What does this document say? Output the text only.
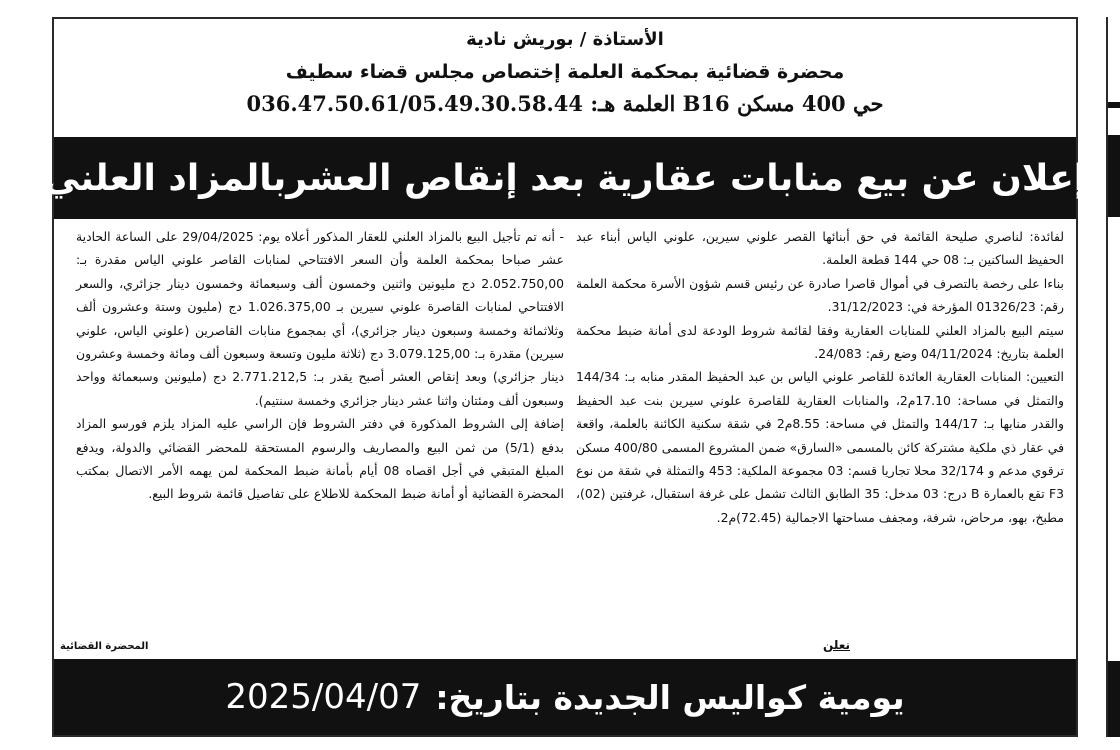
الأستاذة / بوريش نادية
محضرة قضائية بمحكمة العلمة إختصاص مجلس قضاء سطيف
حي 400 مسكن B16 العلمة هـ: 036.47.50.61/05.49.30.58.44
إعلان عن بيع منابات عقارية بعد إنقاص العشر
بالمزاد العلني

لفائدة: لناصري صليحة القائمة في حق أبنائها القصر علوني سيرين، علوني الياس أبناء عبد الحفيظ الساكنين بـ: 08 حي 144 قطعة العلمة.

بناءا على رخصة بالتصرف في أموال قاصرا صادرة عن رئيس قسم شؤون الأسرة محكمة العلمة رقم: 01326/23 المؤرخة في: 31/12/2023.

سيتم البيع بالمزاد العلني للمنابات العقارية وفقا لقائمة شروط الودعة لدى أمانة ضبط محكمة العلمة بتاريخ: 04/11/2024 وضع رقم: 24/083.

التعيين: المنابات العقارية العائدة للقاصر علوني الياس بن عبد الحفيظ المقدر منابه بـ: 144/34 والتمثل في مساحة: 17.10م2، والمنابات العقارية للقاصرة علوني سيرين بنت عبد الحفيظ والقدر منابها بـ: 144/17 والتمثل في مساحة: 8.55م2 في شقة سكنية الكائنة بالعلمة، واقعة في عقار ذي ملكية مشتركة كائن بالمسمى «السارق» ضمن المشروع المسمى 400/80 مسكن ترقوي مدعم و 32/174 محلا تجاريا قسم: 03 مجموعة الملكية: 453 والتمثلة في شقة من نوع F3 تقع بالعمارة B درج: 03 مدخل: 35 الطابق الثالث تشمل على غرفة استقبال، غرفتين (02)، مطبخ، بهو، مرحاض، شرفة، ومجفف مساحتها الاجمالية (72.45)م2.

- أنه تم تأجيل البيع بالمزاد العلني للعقار المذكور أعلاه يوم: 29/04/2025 على الساعة الحادية عشر صباحا بمحكمة العلمة وأن السعر الافتتاحي لمنابات القاصر علوني الياس مقدرة بـ: 2.052.750,00 دج مليونين واثنين وخمسون ألف وسبعمائة وخمسون دينار جزائري، والسعر الافتتاحي لمنابات القاصرة علوني سيرين بـ 1.026.375,00 دج (مليون وستة وعشرون ألف وثلاثمائة وخمسة وسبعون دينار جزائري)، أي بمجموع منابات القاصرين (علوني الياس، علوني سيرين) مقدرة بـ: 3.079.125,00 دج (ثلاثة مليون وتسعة وسبعون ألف ومائة وخمسة وعشرون دينار جزائري) وبعد إنقاص العشر أصبح يقدر بـ: 2.771.212,5 دج (مليونين وسبعمائة وواحد وسبعون ألف ومئتان واثنا عشر دينار جزائري وخمسة سنتيم).

إضافة إلى الشروط المذكورة في دفتر الشروط فإن الراسي عليه المزاد يلزم فورسو المزاد بدفع (5/1) من ثمن البيع والمصاريف والرسوم المستحقة للمحضر القضائي والدولة، ويدفع المبلغ المتبقي في أجل اقصاه 08 أيام بأمانة ضبط المحكمة لمن يهمه الأمر الاتصال بمكتب المحضرة القضائية أو أمانة ضبط المحكمة للاطلاع على تفاصيل قائمة شروط البيع.

نعلن
المحضرة القضائية
يومية كواليس الجديدة بتاريخ:
2025/04/07
